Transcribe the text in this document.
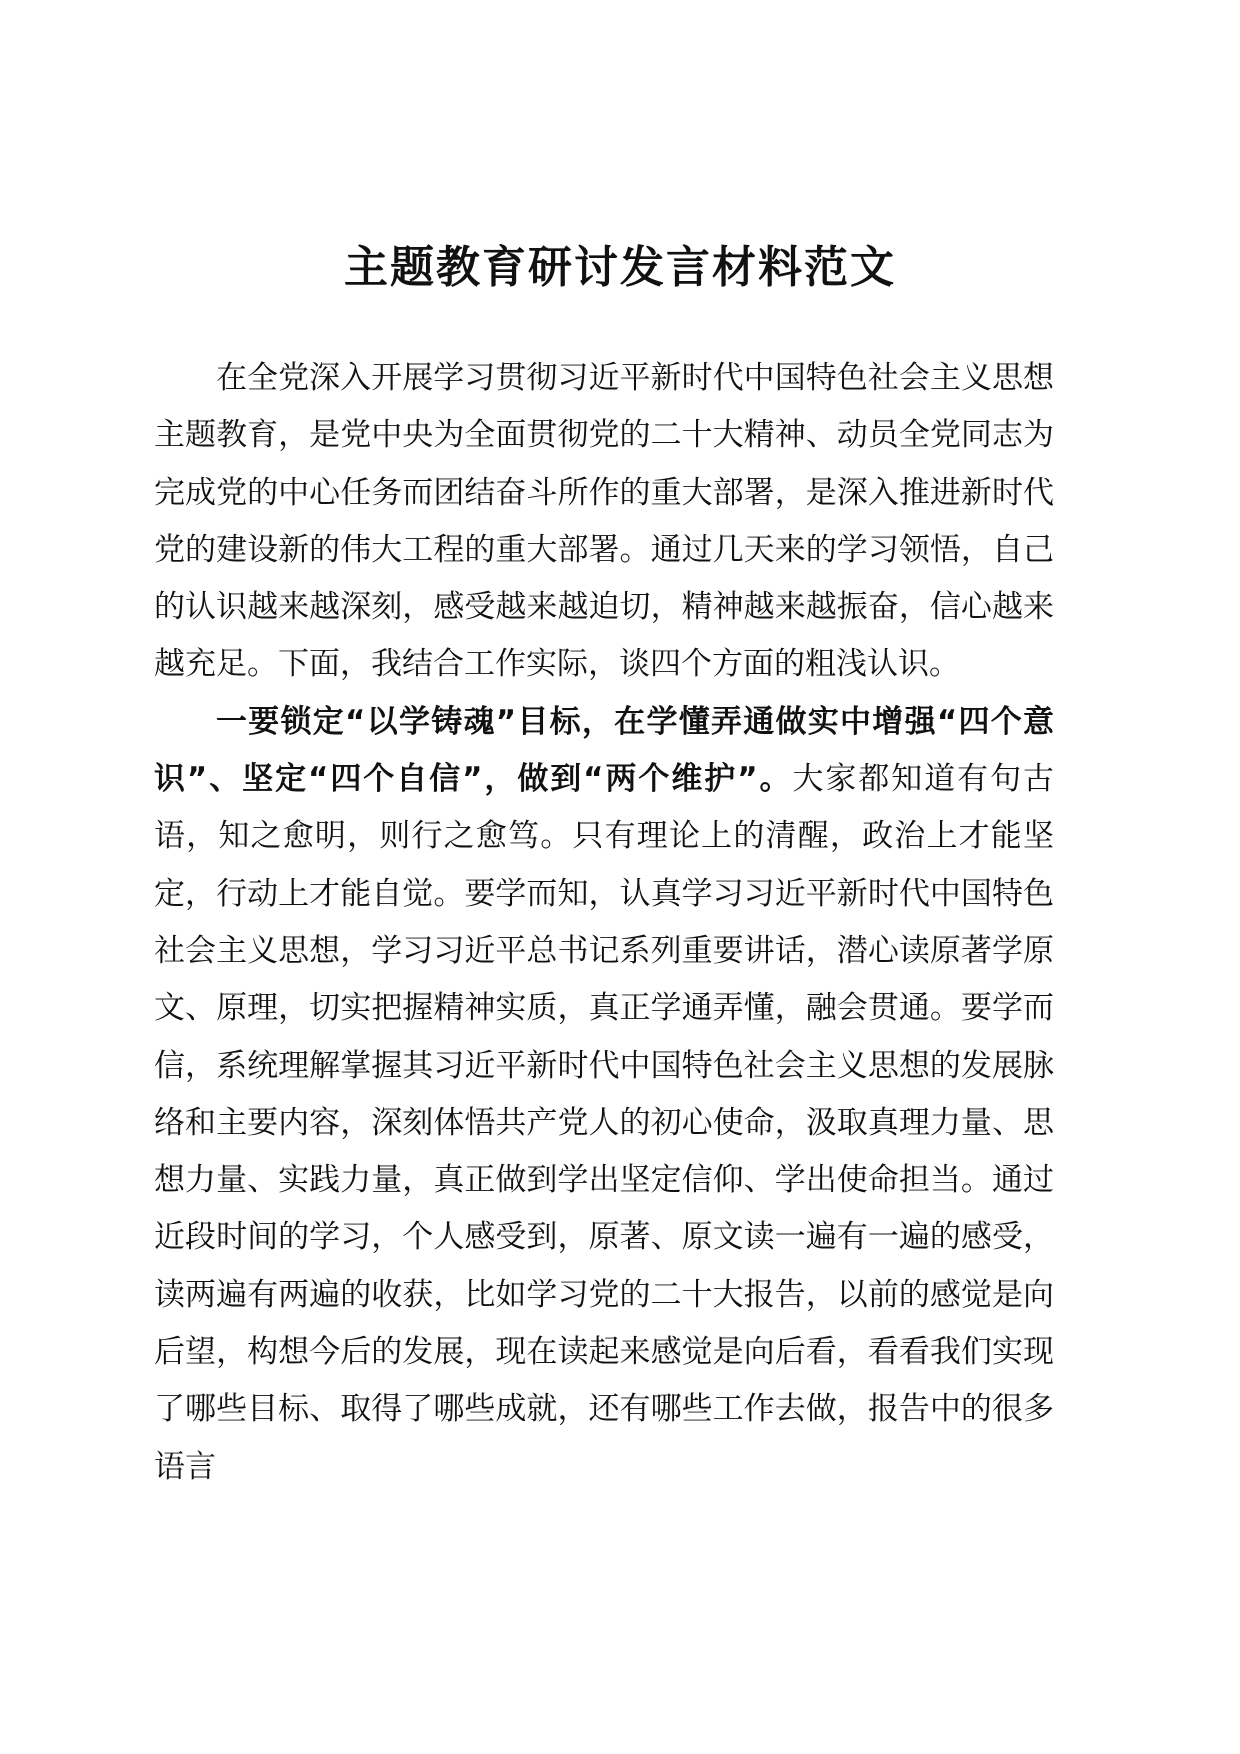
主题教育研讨发言材料范文

在全党深入开展学习贯彻习近平新时代中国特色社会主义思想主题教育，是党中央为全面贯彻党的二十大精神、动员全党同志为完成党的中心任务而团结奋斗所作的重大部署，是深入推进新时代党的建设新的伟大工程的重大部署。通过几天来的学习领悟，自己的认识越来越深刻，感受越来越迫切，精神越来越振奋，信心越来越充足。下面，我结合工作实际，谈四个方面的粗浅认识。

一要锁定“以学铸魂”目标，在学懂弄通做实中增强“四个意识”、坚定“四个自信”，做到“两个维护”。大家都知道有句古语，知之愈明，则行之愈笃。只有理论上的清醒，政治上才能坚定，行动上才能自觉。要学而知，认真学习习近平新时代中国特色社会主义思想，学习习近平总书记系列重要讲话，潜心读原著学原文、原理，切实把握精神实质，真正学通弄懂，融会贯通。要学而信，系统理解掌握其习近平新时代中国特色社会主义思想的发展脉络和主要内容，深刻体悟共产党人的初心使命，汲取真理力量、思想力量、实践力量，真正做到学出坚定信仰、学出使命担当。通过近段时间的学习，个人感受到，原著、原文读一遍有一遍的感受，读两遍有两遍的收获，比如学习党的二十大报告，以前的感觉是向后望，构想今后的发展，现在读起来感觉是向后看，看看我们实现了哪些目标、取得了哪些成就，还有哪些工作去做，报告中的很多语言
